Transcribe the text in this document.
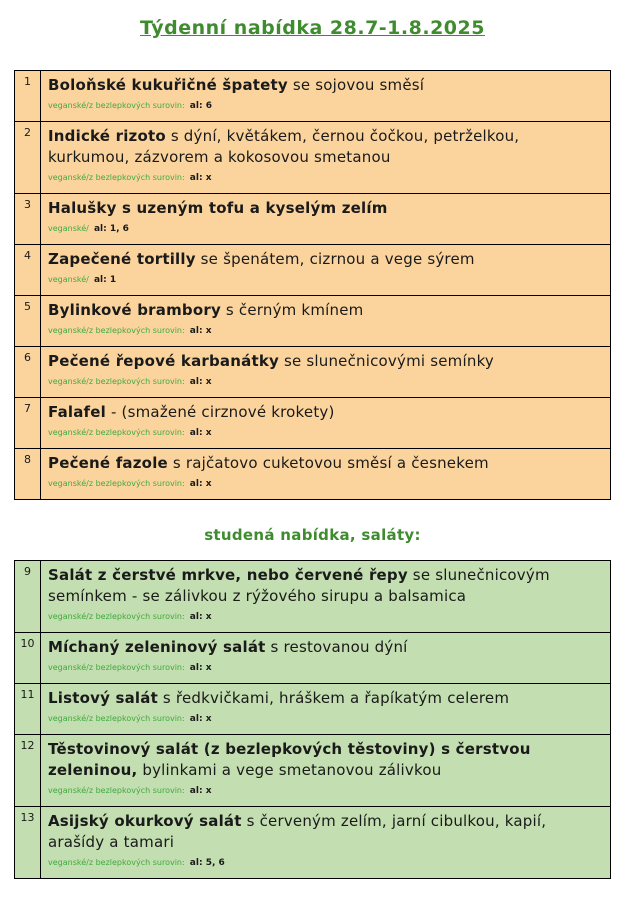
Týdenní nabídka 28.7-1.8.2025
1	Boloňské kukuřičné špatety se sojovou směsí
veganské/z bezlepkových surovin: al: 6

2	Indické rizoto s dýní, květákem, černou čočkou, petrželkou, kurkumou, zázvorem a kokosovou smetanou
veganské/z bezlepkových surovin: al: x

3	Halušky s uzeným tofu a kyselým zelím
veganské/ al: 1, 6

4	Zapečené tortilly se špenátem, cizrnou a vege sýrem
veganské/ al: 1

5	Bylinkové brambory s černým kmínem
veganské/z bezlepkových surovin: al: x

6	Pečené řepové karbanátky se slunečnicovými semínky
veganské/z bezlepkových surovin: al: x

7	Falafel - (smažené cirznové krokety)
veganské/z bezlepkových surovin: al: x

8	Pečené fazole s rajčatovo cuketovou směsí a česnekem
veganské/z bezlepkových surovin: al: x
studená nabídka, saláty:
9	Salát z čerstvé mrkve, nebo červené řepy se slunečnicovým semínkem - se zálivkou z rýžového sirupu a balsamica
veganské/z bezlepkových surovin: al: x

10	Míchaný zeleninový salát s restovanou dýní
veganské/z bezlepkových surovin: al: x

11	Listový salát s ředkvičkami, hráškem a řapíkatým celerem
veganské/z bezlepkových surovin: al: x

12	Těstovinový salát (z bezlepkových těstoviny) s čerstvou zeleninou, bylinkami a vege smetanovou zálivkou
veganské/z bezlepkových surovin: al: x

13	Asijský okurkový salát s červeným zelím, jarní cibulkou, kapií, arašídy a tamari
veganské/z bezlepkových surovin: al: 5, 6
